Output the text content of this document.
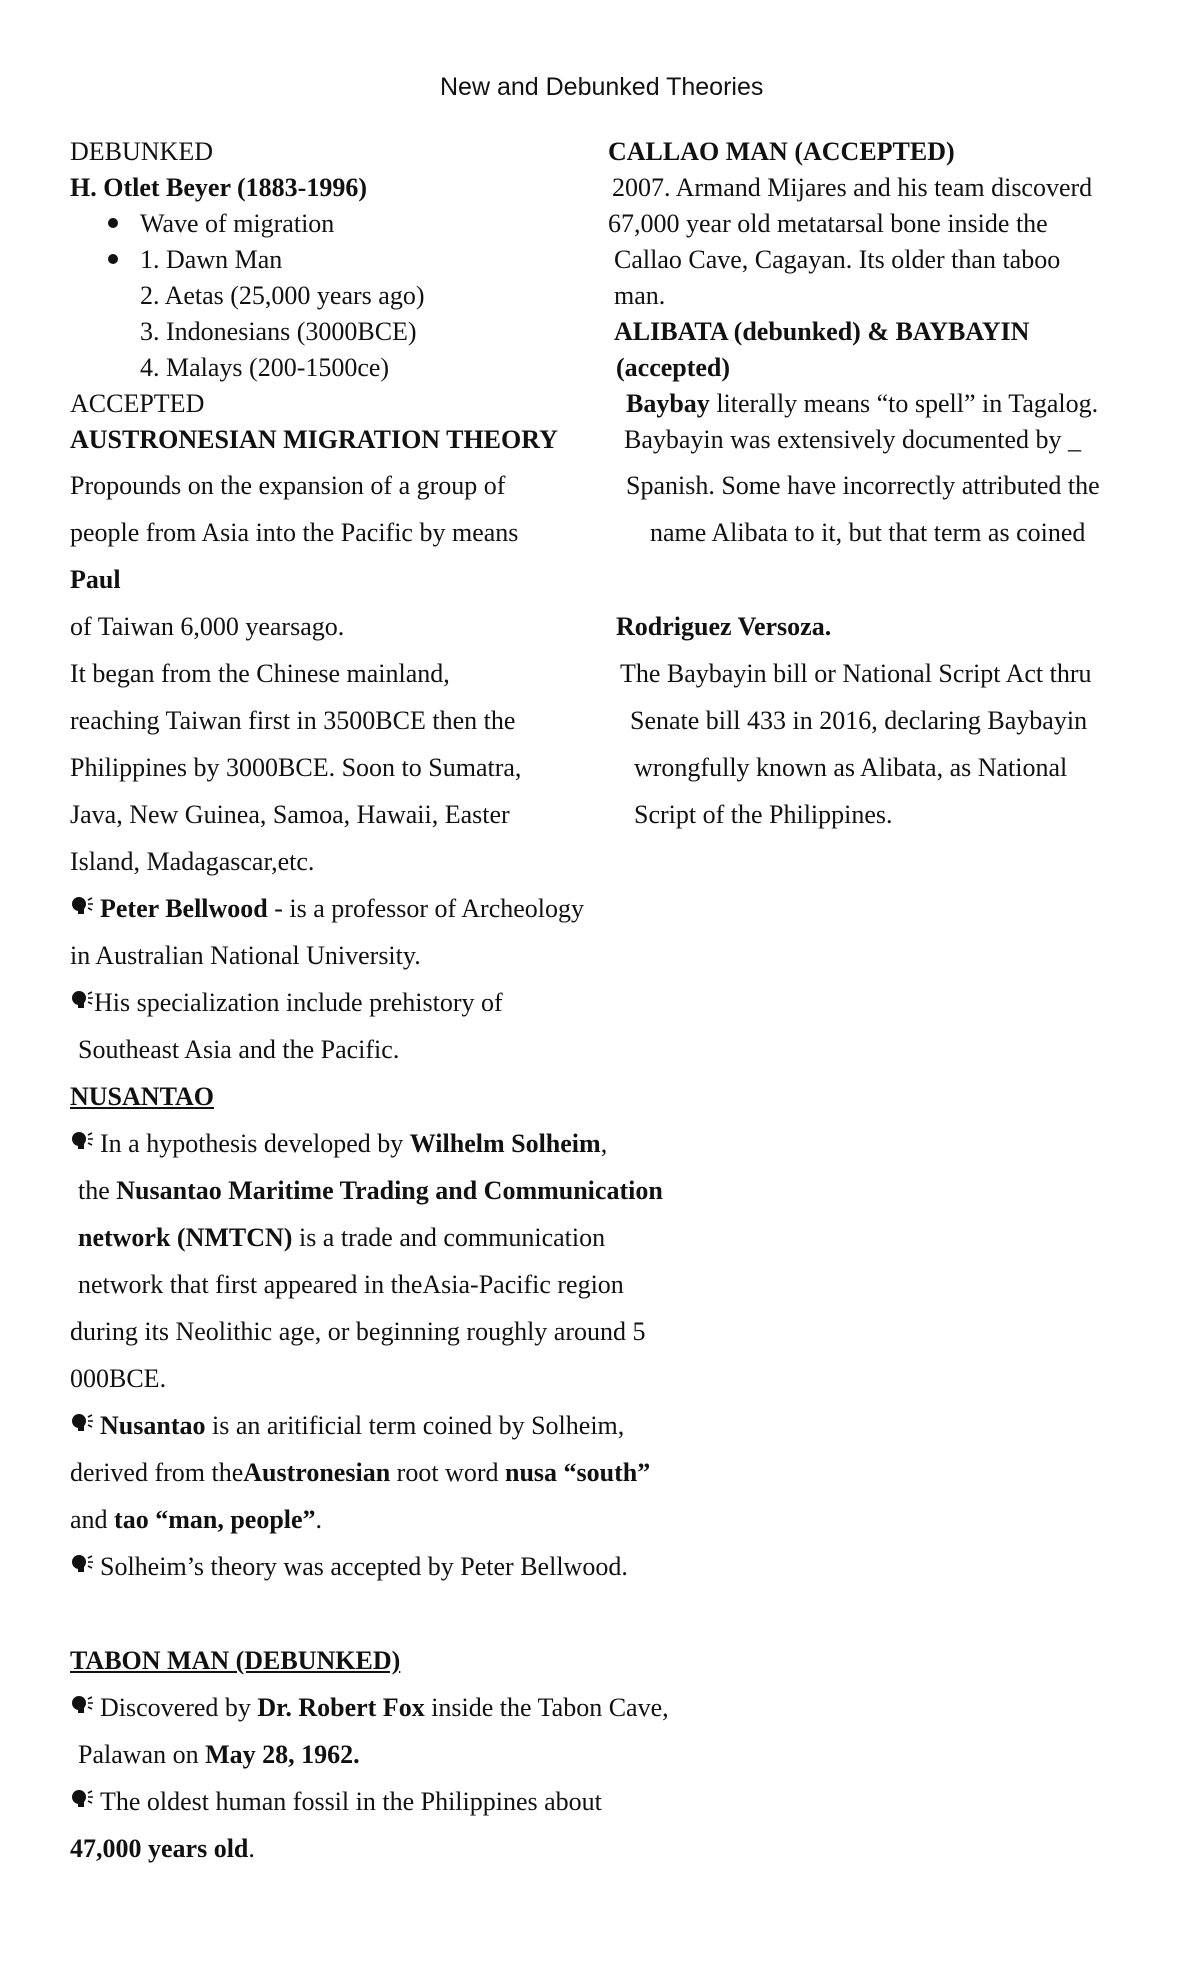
New and Debunked Theories
DEBUNKED
H. Otlet Beyer (1883-1996)
Wave of migration
1. Dawn Man
2. Aetas (25,000 years ago)
3. Indonesians (3000BCE)
4. Malays (200-1500ce)
ACCEPTED
AUSTRONESIAN MIGRATION THEORY
Propounds on the expansion of a group of
people from Asia into the Pacific by means
Paul
of Taiwan 6,000 yearsago.
It began from the Chinese mainland,
reaching Taiwan first in 3500BCE then the
Philippines by 3000BCE. Soon to Sumatra,
Java, New Guinea, Samoa, Hawaii, Easter
Island, Madagascar,etc.
Peter Bellwood - is a professor of Archeology
in Australian National University.
His specialization include prehistory of
Southeast Asia and the Pacific.
NUSANTAO
In a hypothesis developed by Wilhelm Solheim,
the Nusantao Maritime Trading and Communication
network (NMTCN) is a trade and communication
network that first appeared in theAsia-Pacific region
during its Neolithic age, or beginning roughly around 5
000BCE.
Nusantao is an aritificial term coined by Solheim,
derived from theAustronesian root word nusa “south”
and tao “man, people”.
Solheim’s theory was accepted by Peter Bellwood.
TABON MAN (DEBUNKED)
Discovered by Dr. Robert Fox inside the Tabon Cave,
Palawan on May 28, 1962.
The oldest human fossil in the Philippines about
47,000 years old.
CALLAO MAN (ACCEPTED)
2007. Armand Mijares and his team discoverd
67,000 year old metatarsal bone inside the
Callao Cave, Cagayan. Its older than taboo
man.
ALIBATA (debunked) & BAYBAYIN
(accepted)
Baybay literally means “to spell” in Tagalog.
Baybayin was extensively documented by _
Spanish. Some have incorrectly attributed the
name Alibata to it, but that term as coined
Rodriguez Versoza.
The Baybayin bill or National Script Act thru
Senate bill 433 in 2016, declaring Baybayin
wrongfully known as Alibata, as National
Script of the Philippines.
